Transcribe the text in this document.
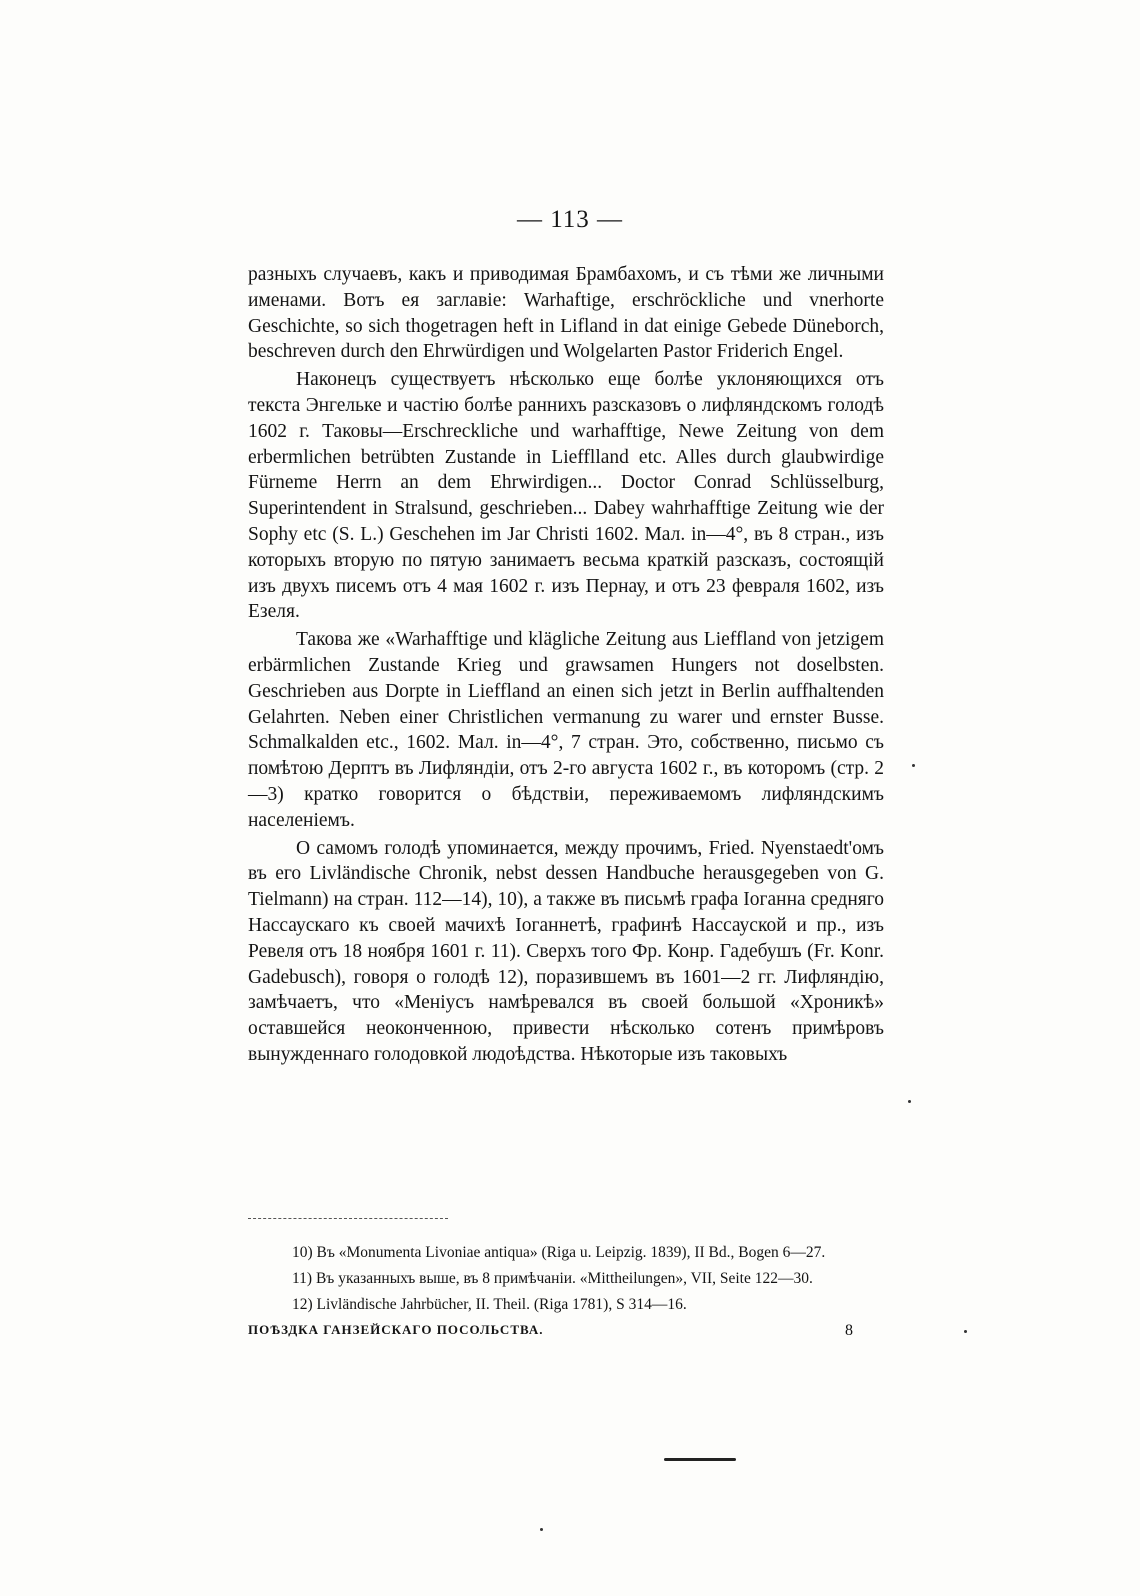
— 113 —

разныхъ случаевъ, какъ и приводимая Брамбахомъ, и съ тѣми же личными именами. Вотъ ея заглавіе: Warhaftige, erschröckliche und vnerhorte Geschichte, so sich thogetragen heft in Lifland in dat einige Gebede Düneborch, beschreven durch den Ehrwürdigen und Wolgelarten Pastor Friderich Engel.

Наконецъ существуетъ нѣсколько еще болѣе уклоняющихся отъ текста Энгельке и частію болѣе раннихъ разсказовъ о лифляндскомъ голодѣ 1602 г. Таковы—Erschreckliche und warhafftige, Newe Zeitung von dem erbermlichen betrübten Zustande in Liefflland etc. Alles durch glaubwirdige Fürneme Herrn an dem Ehrwirdigen... Doctor Conrad Schlüsselburg, Superintendent in Stralsund, geschrieben... Dabey wahrhafftige Zeitung wie der Sophy etc (S. L.) Geschehen im Jar Christi 1602. Мал. in—4°, въ 8 стран., изъ которыхъ вторую по пятую занимаетъ весьма краткій разсказъ, состоящій изъ двухъ писемъ отъ 4 мая 1602 г. изъ Пернау, и отъ 23 февраля 1602, изъ Езеля.

Такова же «Warhafftige und klägliche Zeitung aus Lieffland von jetzigem erbärmlichen Zustande Krieg und grawsamen Hungers not doselbsten. Geschrieben aus Dorpte in Lieffland an einen sich jetzt in Berlin auffhaltenden Gelahrten. Neben einer Christlichen vermanung zu warer und ernster Busse. Schmalkalden etc., 1602. Мал. in—4°, 7 стран. Это, собственно, письмо съ помѣтою Дерптъ въ Лифляндіи, отъ 2-го августа 1602 г., въ которомъ (стр. 2—3) кратко говорится о бѣдствіи, переживаемомъ лифляндскимъ населеніемъ.

О самомъ голодѣ упоминается, между прочимъ, Fried. Nyenstaedt'омъ въ его Livländische Chronik, nebst dessen Handbuche herausgegeben von G. Tielmann) на стран. 112—14), 10), а также въ письмѣ графа Іоганна средняго Нассаускаго къ своей мачихѣ Іоганнетѣ, графинѣ Нассауской и пр., изъ Ревеля отъ 18 ноября 1601 г. 11). Сверхъ того Фр. Конр. Гадебушъ (Fr. Konr. Gadebusch), говоря о голодѣ 12), поразившемъ въ 1601—2 гг. Лифляндію, замѣчаетъ, что «Меніусъ намѣревался въ своей большой «Хроникѣ» оставшейся неоконченною, привести нѣсколько сотенъ примѣровъ вынужденнаго голодовкой людоѣдства. Нѣкоторые изъ таковыхъ

10) Въ «Monumenta Livoniae antiqua» (Riga u. Leipzig. 1839), II Bd., Bogen 6—27.

11) Въ указанныхъ выше, въ 8 примѣчаніи. «Mittheilungen», VII, Seite 122—30.

12) Livländische Jahrbücher, II. Theil. (Riga 1781), S 314—16.

ПОѢЗДКА ГАНЗЕЙСКАГО ПОСОЛЬСТВА.	8
